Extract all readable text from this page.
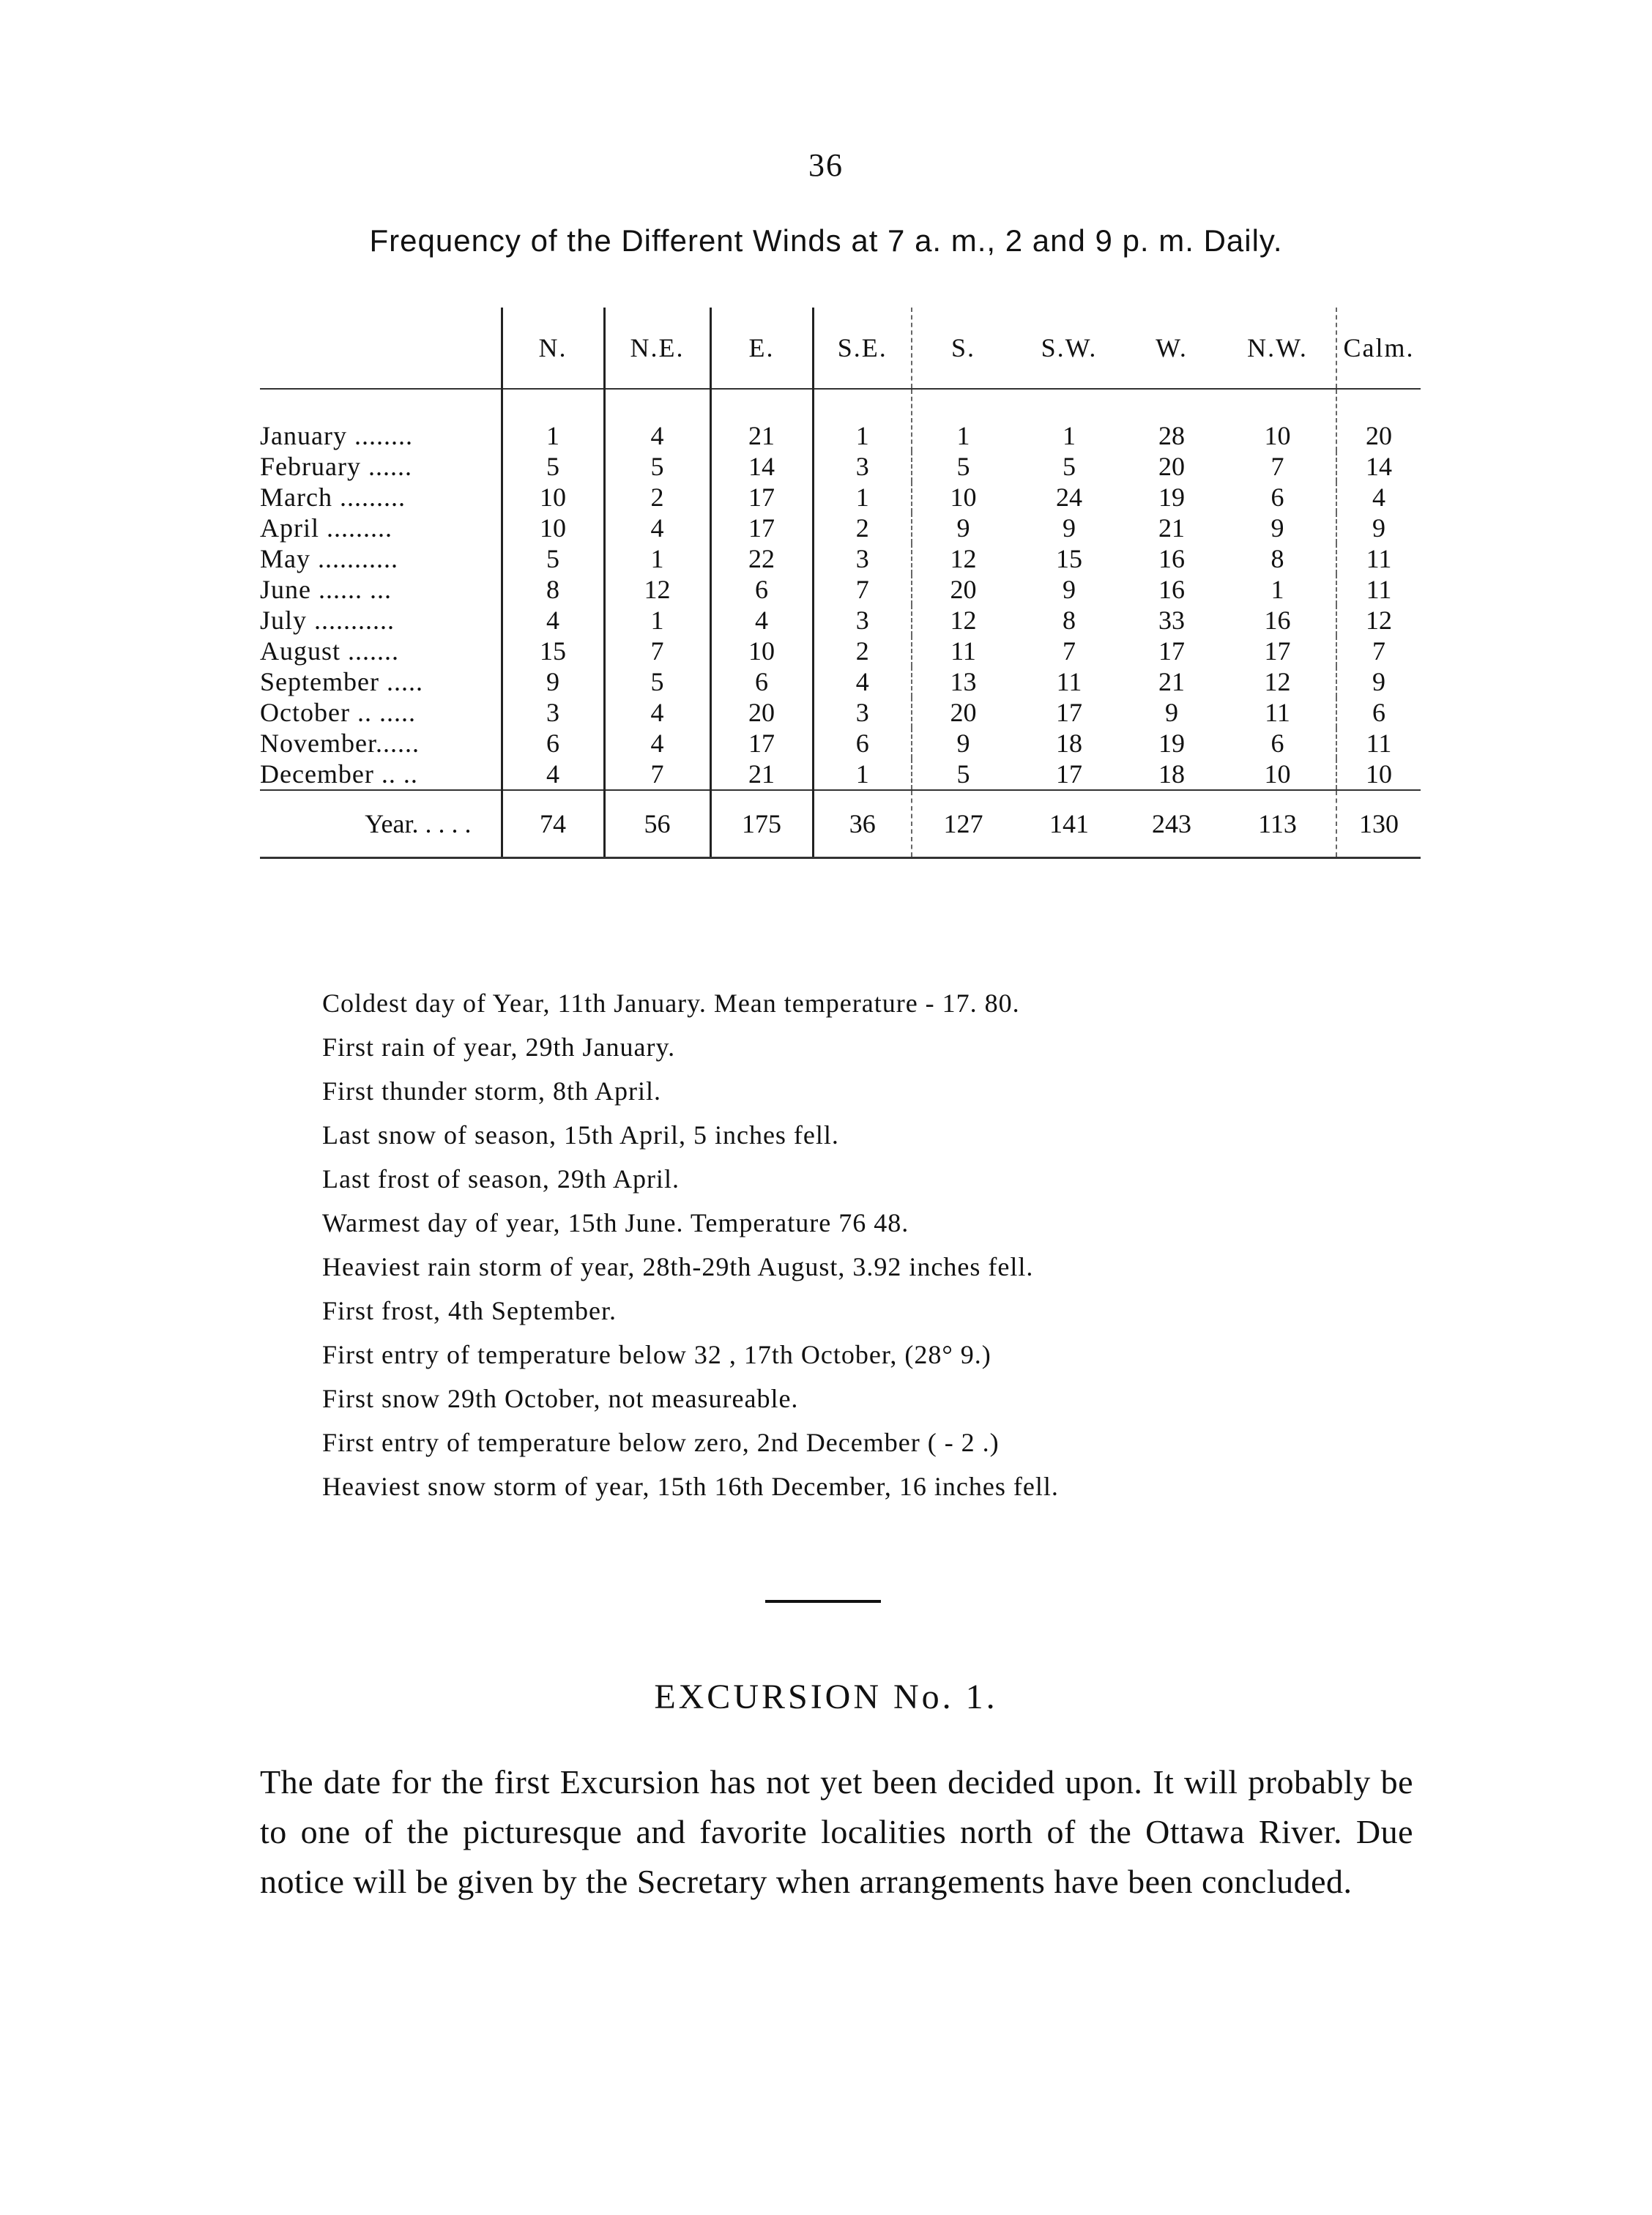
36
Frequency of the Different Winds at 7 a. m., 2 and 9 p. m. Daily.
	N.	N.E.	E.	S.E.	S.	S.W.	W.	N.W.	Calm.
January ........	1	4	21	1	1	1	28	10	20
February ......	5	5	14	3	5	5	20	7	14
March .........	10	2	17	1	10	24	19	6	4
April .........	10	4	17	2	9	9	21	9	9
May ...........	5	1	22	3	12	15	16	8	11
June ...... ...	8	12	6	7	20	9	16	1	11
July ...........	4	1	4	3	12	8	33	16	12
August .......	15	7	10	2	11	7	17	17	7
September .....	9	5	6	4	13	11	21	12	9
October .. .....	3	4	20	3	20	17	9	11	6
November......	6	4	17	6	9	18	19	6	11
December .. ..	4	7	21	1	5	17	18	10	10
Year. . . . .	74	56	175	36	127	141	243	113	130
Coldest day of Year, 11th January. Mean temperature - 17. 80.
First rain of year, 29th January.
First thunder storm, 8th April.
Last snow of season, 15th April, 5 inches fell.
Last frost of season, 29th April.
Warmest day of year, 15th June. Temperature 76 48.
Heaviest rain storm of year, 28th-29th August, 3.92 inches fell.
First frost, 4th September.
First entry of temperature below 32 , 17th October, (28° 9.)
First snow 29th October, not measureable.
First entry of temperature below zero, 2nd December ( - 2 .)
Heaviest snow storm of year, 15th 16th December, 16 inches fell.
EXCURSION No. 1.

The date for the first Excursion has not yet been decided upon. It will probably be to one of the picturesque and favorite localities north of the Ottawa River. Due notice will be given by the Secretary when arrangements have been concluded.
